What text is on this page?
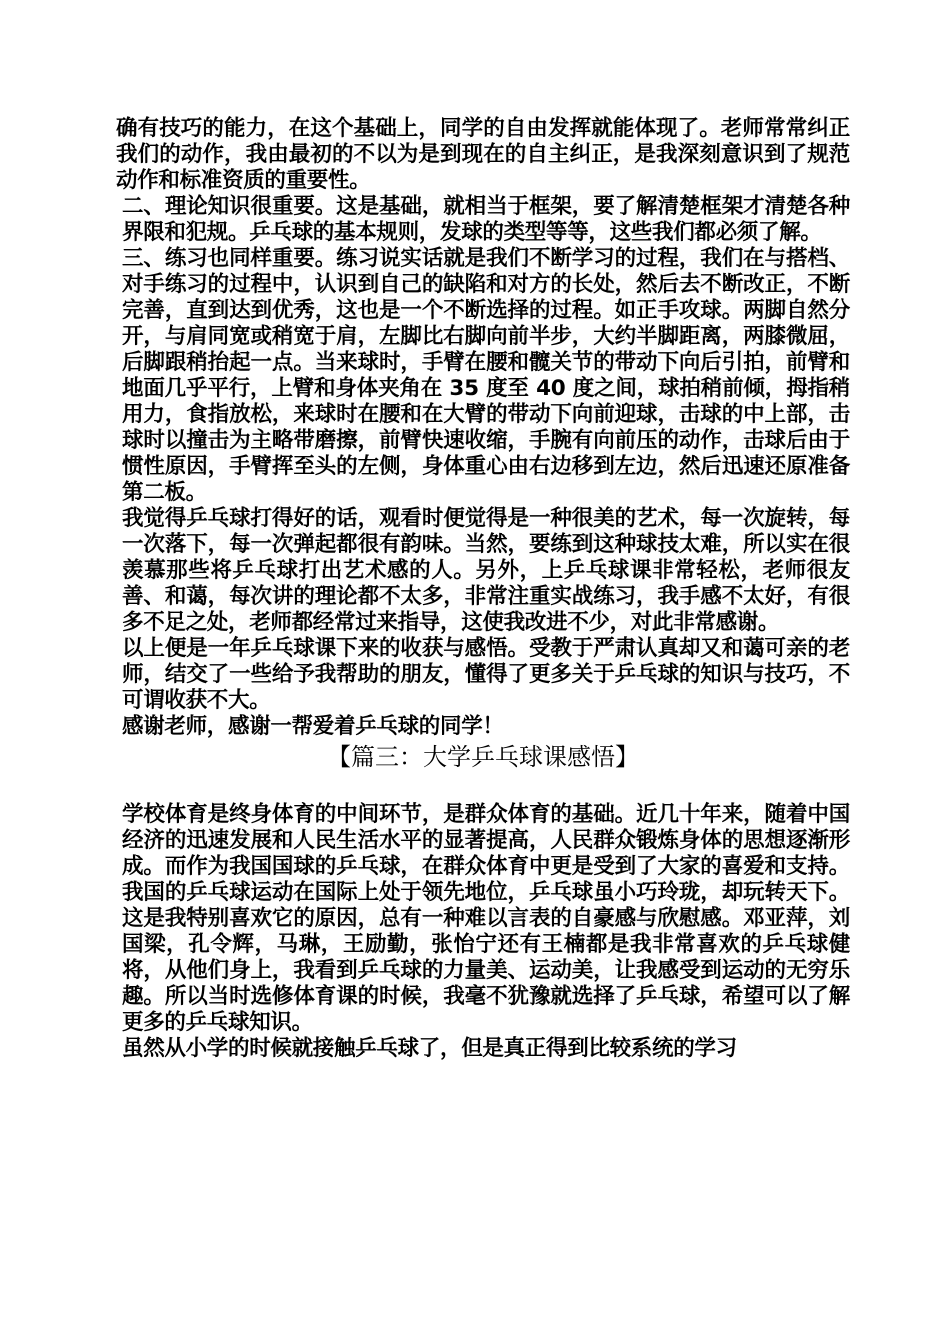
确有技巧的能力，在这个基础上，同学的自由发挥就能体现了。老师常常纠正我们的动作，我由最初的不以为是到现在的自主纠正，是我深刻意识到了规范动作和标准资质的重要性。

二、理论知识很重要。这是基础，就相当于框架，要了解清楚框架才清楚各种界限和犯规。乒乓球的基本规则，发球的类型等等，这些我们都必须了解。

三、练习也同样重要。练习说实话就是我们不断学习的过程，我们在与搭档、对手练习的过程中，认识到自己的缺陷和对方的长处，然后去不断改正，不断完善，直到达到优秀，这也是一个不断选择的过程。如正手攻球。两脚自然分开，与肩同宽或稍宽于肩，左脚比右脚向前半步，大约半脚距离，两膝微屈，后脚跟稍抬起一点。当来球时，手臂在腰和髋关节的带动下向后引拍，前臂和地面几乎平行，上臂和身体夹角在 35 度至 40 度之间，球拍稍前倾，拇指稍用力，食指放松，来球时在腰和在大臂的带动下向前迎球，击球的中上部，击球时以撞击为主略带磨擦，前臂快速收缩，手腕有向前压的动作，击球后由于惯性原因，手臂挥至头的左侧，身体重心由右边移到左边，然后迅速还原准备第二板。

我觉得乒乓球打得好的话，观看时便觉得是一种很美的艺术，每一次旋转，每一次落下，每一次弹起都很有韵味。当然，要练到这种球技太难，所以实在很羡慕那些将乒乓球打出艺术感的人。另外，上乒乓球课非常轻松，老师很友善、和蔼，每次讲的理论都不太多，非常注重实战练习，我手感不太好，有很多不足之处，老师都经常过来指导，这使我改进不少，对此非常感谢。

以上便是一年乒乓球课下来的收获与感悟。受教于严肃认真却又和蔼可亲的老师，结交了一些给予我帮助的朋友，懂得了更多关于乒乓球的知识与技巧，不可谓收获不大。

感谢老师，感谢一帮爱着乒乓球的同学！

【篇三：大学乒乓球课感悟】

学校体育是终身体育的中间环节，是群众体育的基础。近几十年来，随着中国经济的迅速发展和人民生活水平的显著提高，人民群众锻炼身体的思想逐渐形成。而作为我国国球的乒乓球，在群众体育中更是受到了大家的喜爱和支持。我国的乒乓球运动在国际上处于领先地位，乒乓球虽小巧玲珑，却玩转天下。这是我特别喜欢它的原因，总有一种难以言表的自豪感与欣慰感。邓亚萍，刘国梁，孔令辉，马琳，王励勤，张怡宁还有王楠都是我非常喜欢的乒乓球健将，从他们身上，我看到乒乓球的力量美、运动美，让我感受到运动的无穷乐趣。所以当时选修体育课的时候，我毫不犹豫就选择了乒乓球，希望可以了解更多的乒乓球知识。

虽然从小学的时候就接触乒乓球了，但是真正得到比较系统的学习
